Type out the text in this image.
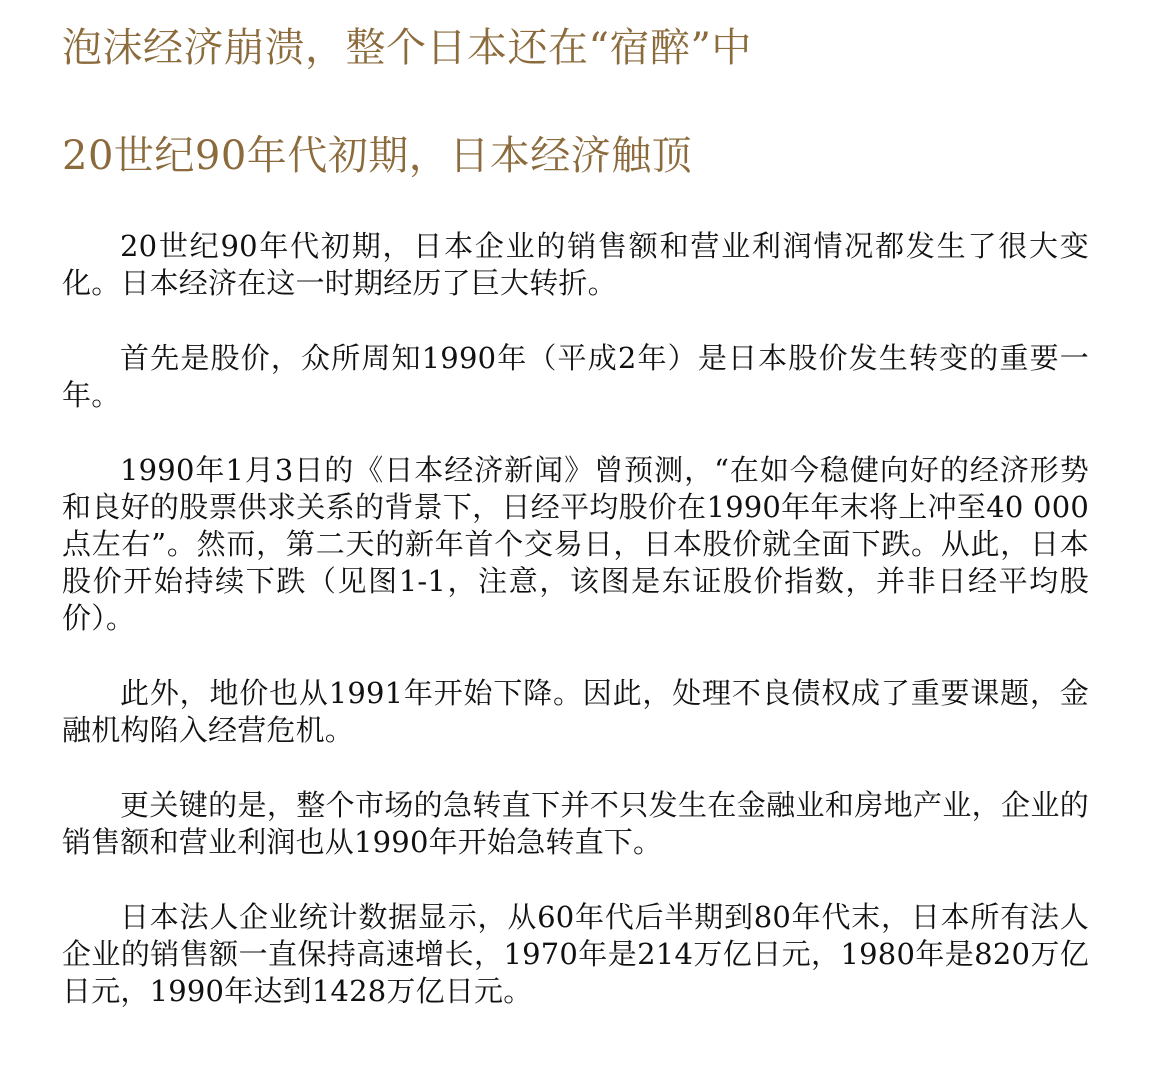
泡沫经济崩溃，整个日本还在“宿醉”中
20世纪90年代初期，日本经济触顶

20世纪90年代初期，日本企业的销售额和营业利润情况都发生了很大变化。日本经济在这一时期经历了巨大转折。

首先是股价，众所周知1990年（平成2年）是日本股价发生转变的重要一年。

1990年1月3日的《日本经济新闻》曾预测，“在如今稳健向好的经济形势和良好的股票供求关系的背景下，日经平均股价在1990年年末将上冲至40 000点左右”。然而，第二天的新年首个交易日，日本股价就全面下跌。从此，日本股价开始持续下跌（见图1-1，注意，该图是东证股价指数，并非日经平均股价）。

此外，地价也从1991年开始下降。因此，处理不良债权成了重要课题，金融机构陷入经营危机。

更关键的是，整个市场的急转直下并不只发生在金融业和房地产业，企业的销售额和营业利润也从1990年开始急转直下。

日本法人企业统计数据显示，从60年代后半期到80年代末，日本所有法人企业的销售额一直保持高速增长，1970年是214万亿日元，1980年是820万亿日元，1990年达到1428万亿日元。
